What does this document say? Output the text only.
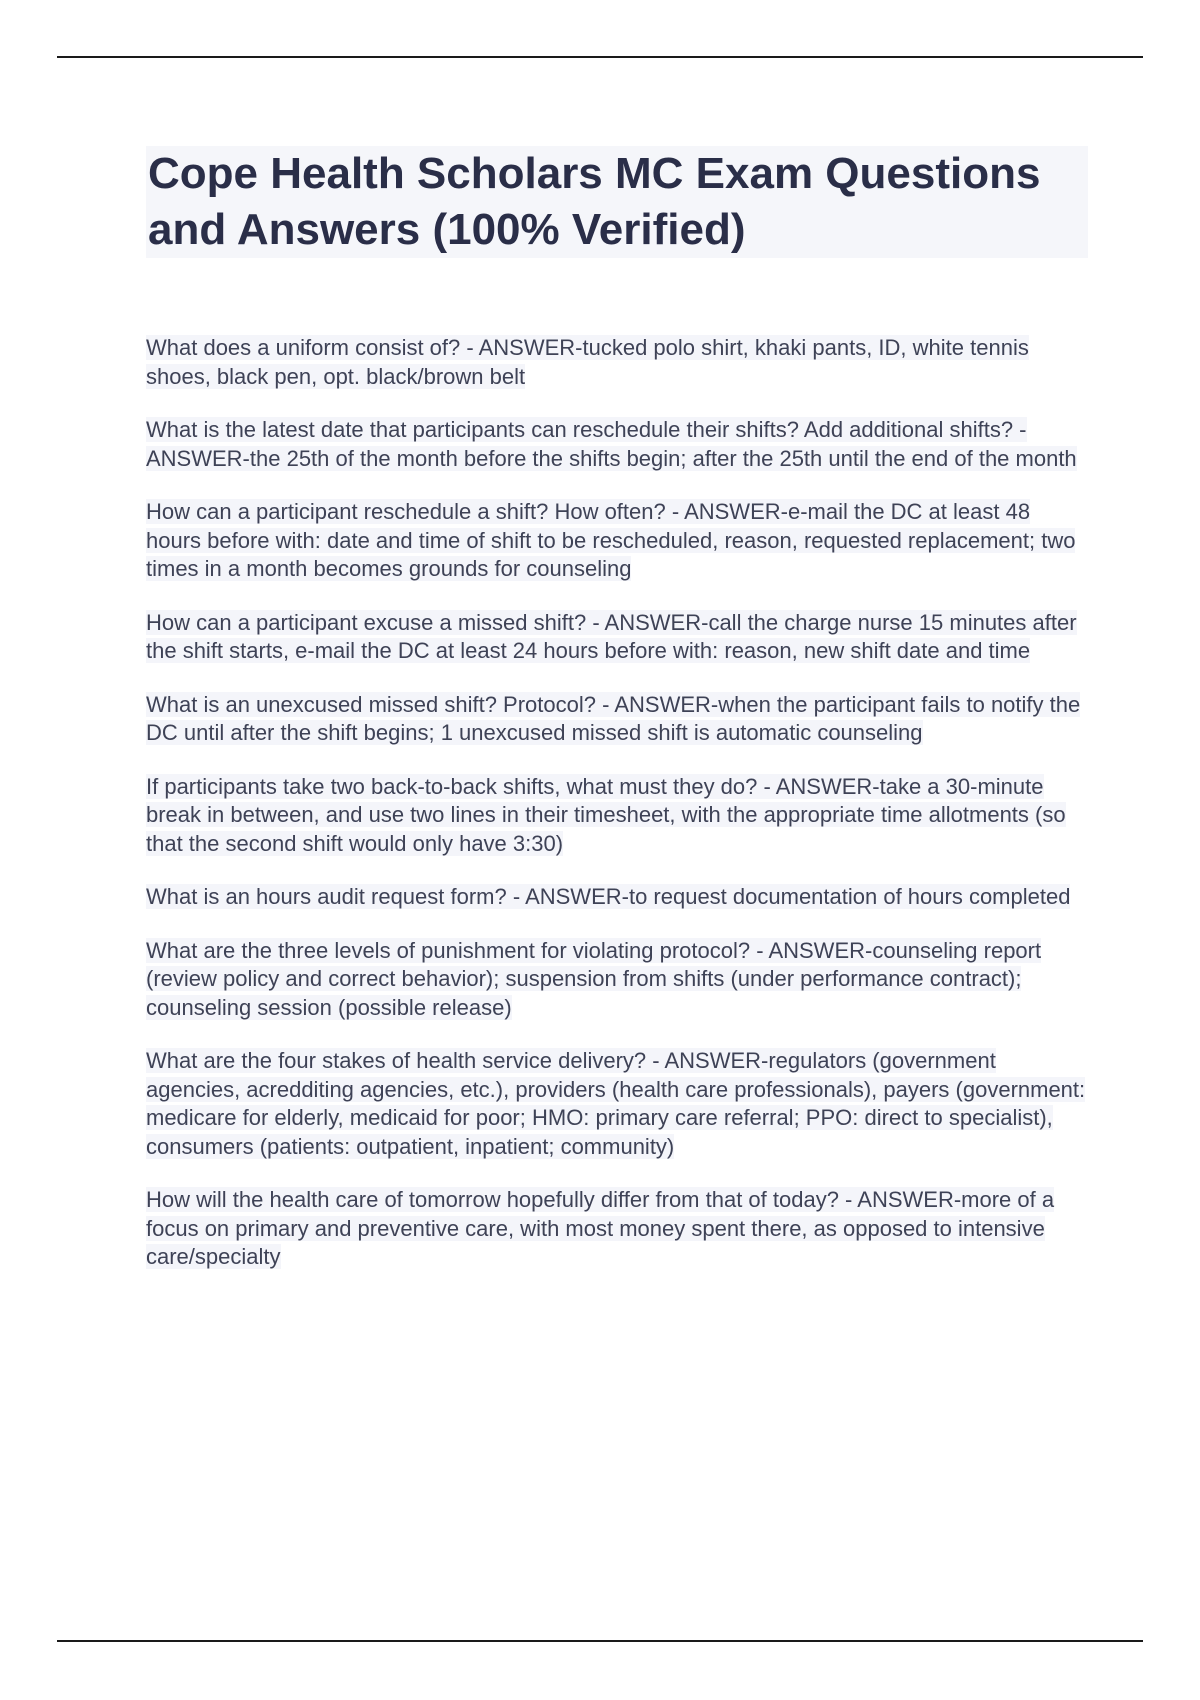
Cope Health Scholars MC Exam Questions and Answers (100% Verified)

What does a uniform consist of? - ANSWER-tucked polo shirt, khaki pants, ID, white tennis shoes, black pen, opt. black/brown belt

What is the latest date that participants can reschedule their shifts? Add additional shifts? - ANSWER-the 25th of the month before the shifts begin; after the 25th until the end of the month

How can a participant reschedule a shift? How often? - ANSWER-e-mail the DC at least 48 hours before with: date and time of shift to be rescheduled, reason, requested replacement; two times in a month becomes grounds for counseling

How can a participant excuse a missed shift? - ANSWER-call the charge nurse 15 minutes after the shift starts, e-mail the DC at least 24 hours before with: reason, new shift date and time

What is an unexcused missed shift? Protocol? - ANSWER-when the participant fails to notify the DC until after the shift begins; 1 unexcused missed shift is automatic counseling

If participants take two back-to-back shifts, what must they do? - ANSWER-take a 30-minute break in between, and use two lines in their timesheet, with the appropriate time allotments (so that the second shift would only have 3:30)

What is an hours audit request form? - ANSWER-to request documentation of hours completed

What are the three levels of punishment for violating protocol? - ANSWER-counseling report (review policy and correct behavior); suspension from shifts (under performance contract); counseling session (possible release)

What are the four stakes of health service delivery? - ANSWER-regulators (government agencies, acredditing agencies, etc.), providers (health care professionals), payers (government: medicare for elderly, medicaid for poor; HMO: primary care referral; PPO: direct to specialist), consumers (patients: outpatient, inpatient; community)

How will the health care of tomorrow hopefully differ from that of today? - ANSWER-more of a focus on primary and preventive care, with most money spent there, as opposed to intensive care/specialty
